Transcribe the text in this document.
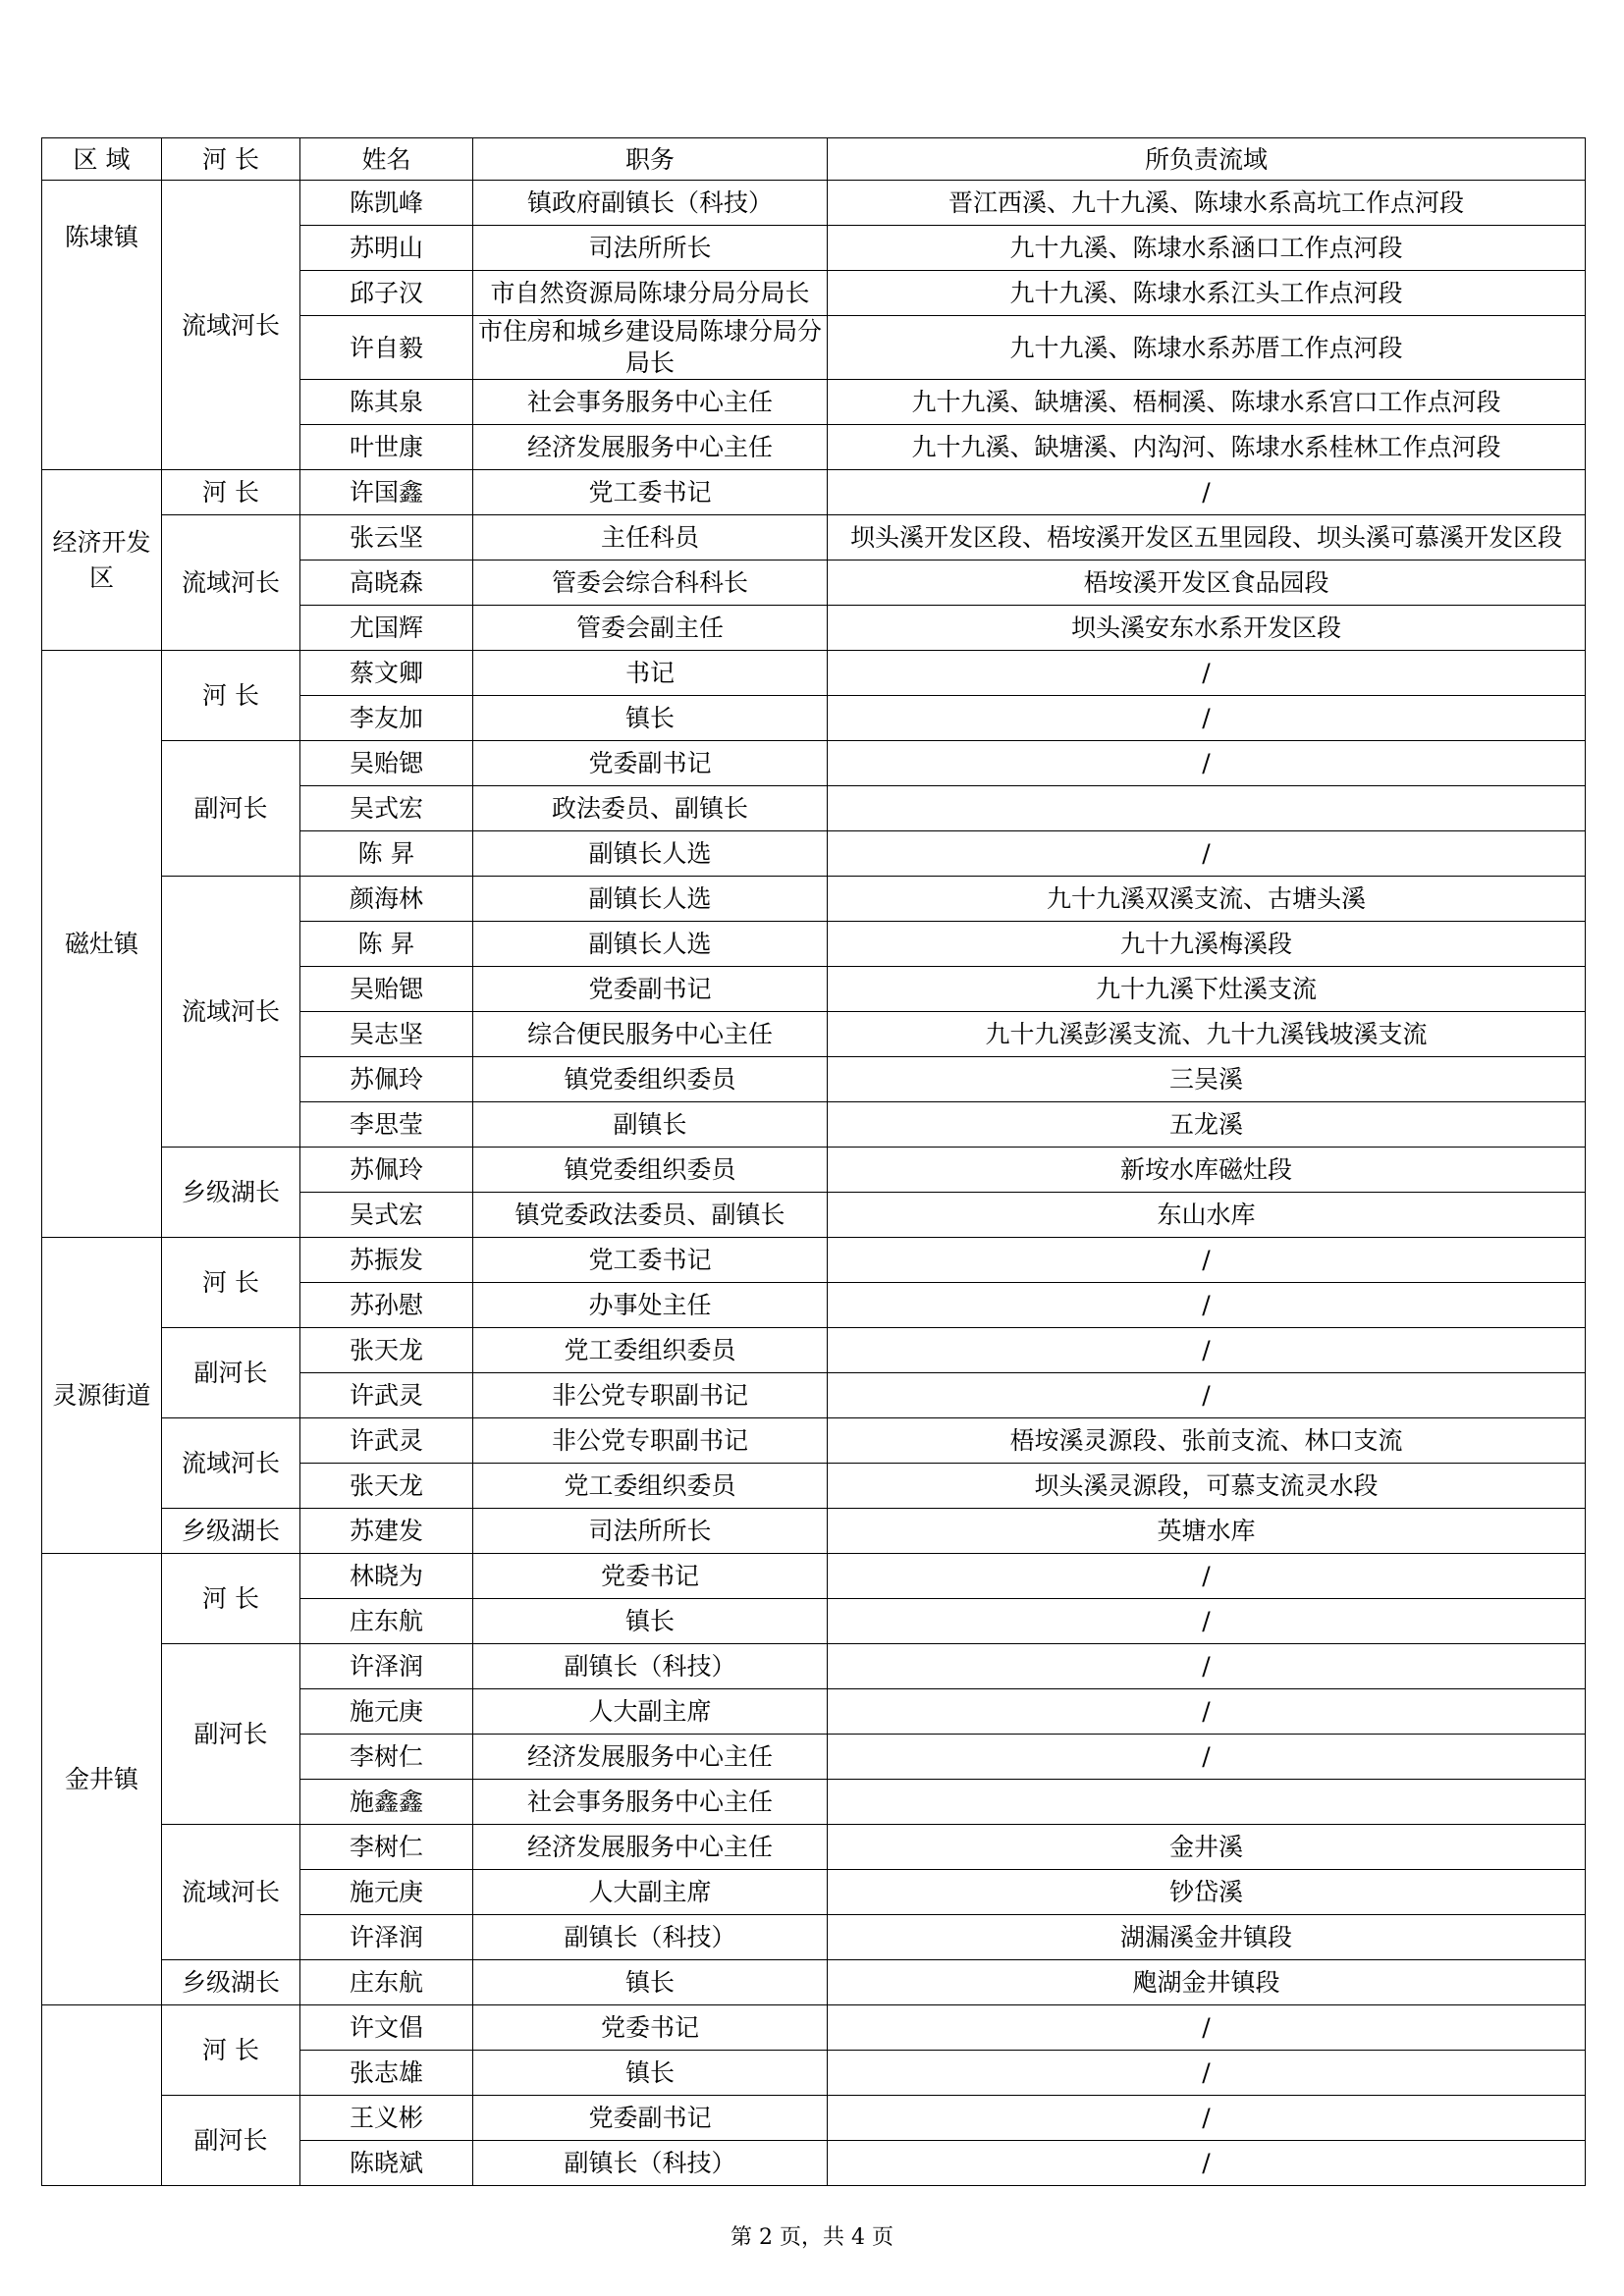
区 域	河 长	姓名	职务	所负责流域
陈埭镇	流域河长	陈凯峰	镇政府副镇长（科技）	晋江西溪、九十九溪、陈埭水系高坑工作点河段
		苏明山	司法所所长	九十九溪、陈埭水系涵口工作点河段
		邱子汉	市自然资源局陈埭分局分局长	九十九溪、陈埭水系江头工作点河段
		许自毅	市住房和城乡建设局陈埭分局分局长	九十九溪、陈埭水系苏厝工作点河段
		陈其泉	社会事务服务中心主任	九十九溪、缺塘溪、梧桐溪、陈埭水系宫口工作点河段
		叶世康	经济发展服务中心主任	九十九溪、缺塘溪、内沟河、陈埭水系桂林工作点河段
经济开发区	河 长	许国鑫	党工委书记	/
	流域河长	张云坚	主任科员	坝头溪开发区段、梧垵溪开发区五里园段、坝头溪可慕溪开发区段
		高晓森	管委会综合科科长	梧垵溪开发区食品园段
		尤国辉	管委会副主任	坝头溪安东水系开发区段
磁灶镇	河 长	蔡文卿	书记	/
		李友加	镇长	/
	副河长	吴贻锶	党委副书记	/
		吴式宏	政法委员、副镇长	
		陈 昇	副镇长人选	/
	流域河长	颜海林	副镇长人选	九十九溪双溪支流、古塘头溪
		陈 昇	副镇长人选	九十九溪梅溪段
		吴贻锶	党委副书记	九十九溪下灶溪支流
		吴志坚	综合便民服务中心主任	九十九溪彭溪支流、九十九溪钱坡溪支流
		苏佩玲	镇党委组织委员	三吴溪
		李思莹	副镇长	五龙溪
	乡级湖长	苏佩玲	镇党委组织委员	新垵水库磁灶段
		吴式宏	镇党委政法委员、副镇长	东山水库
灵源街道	河 长	苏振发	党工委书记	/
		苏孙慰	办事处主任	/
	副河长	张天龙	党工委组织委员	/
		许武灵	非公党专职副书记	/
	流域河长	许武灵	非公党专职副书记	梧垵溪灵源段、张前支流、林口支流
		张天龙	党工委组织委员	坝头溪灵源段，可慕支流灵水段
	乡级湖长	苏建发	司法所所长	英塘水库
金井镇	河 长	林晓为	党委书记	/
		庄东航	镇长	/
	副河长	许泽润	副镇长（科技）	/
		施元庚	人大副主席	/
		李树仁	经济发展服务中心主任	/
		施鑫鑫	社会事务服务中心主任	
	流域河长	李树仁	经济发展服务中心主任	金井溪
		施元庚	人大副主席	钞岱溪
		许泽润	副镇长（科技）	湖漏溪金井镇段
	乡级湖长	庄东航	镇长	飑湖金井镇段
	河 长	许文倡	党委书记	/
		张志雄	镇长	/
	副河长	王义彬	党委副书记	/
		陈晓斌	副镇长（科技）	/
第 2 页，共 4 页
